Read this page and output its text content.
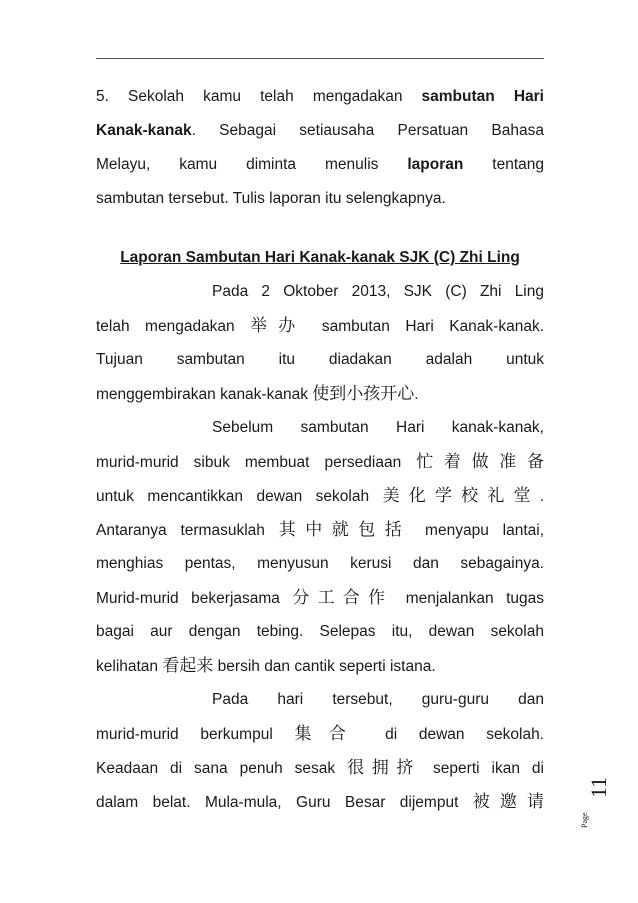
5. Sekolah kamu telah mengadakan sambutan Hari
Kanak-kanak. Sebagai setiausaha Persatuan Bahasa
Melayu, kamu diminta menulis laporan tentang
sambutan tersebut. Tulis laporan itu selengkapnya.
Laporan Sambutan Hari Kanak-kanak SJK (C) Zhi Ling
Pada 2 Oktober 2013, SJK (C) Zhi Ling
telah mengadakan 举办 sambutan Hari Kanak-kanak.
Tujuan sambutan itu diadakan adalah untuk
menggembirakan kanak-kanak 使到小孩开心.
Sebelum sambutan Hari kanak-kanak,
murid-murid sibuk membuat persediaan 忙着做准备
untuk mencantikkan dewan sekolah 美化学校礼堂.
Antaranya termasuklah 其中就包括 menyapu lantai,
menghias pentas, menyusun kerusi dan sebagainya.
Murid-murid bekerjasama 分工合作 menjalankan tugas
bagai aur dengan tebing. Selepas itu, dewan sekolah
kelihatan 看起来 bersih dan cantik seperti istana.
Pada hari tersebut, guru-guru dan
murid-murid berkumpul 集合 di dewan sekolah.
Keadaan di sana penuh sesak 很拥挤 seperti ikan di
dalam belat. Mula-mula, Guru Besar dijemput 被邀请
Page
11
